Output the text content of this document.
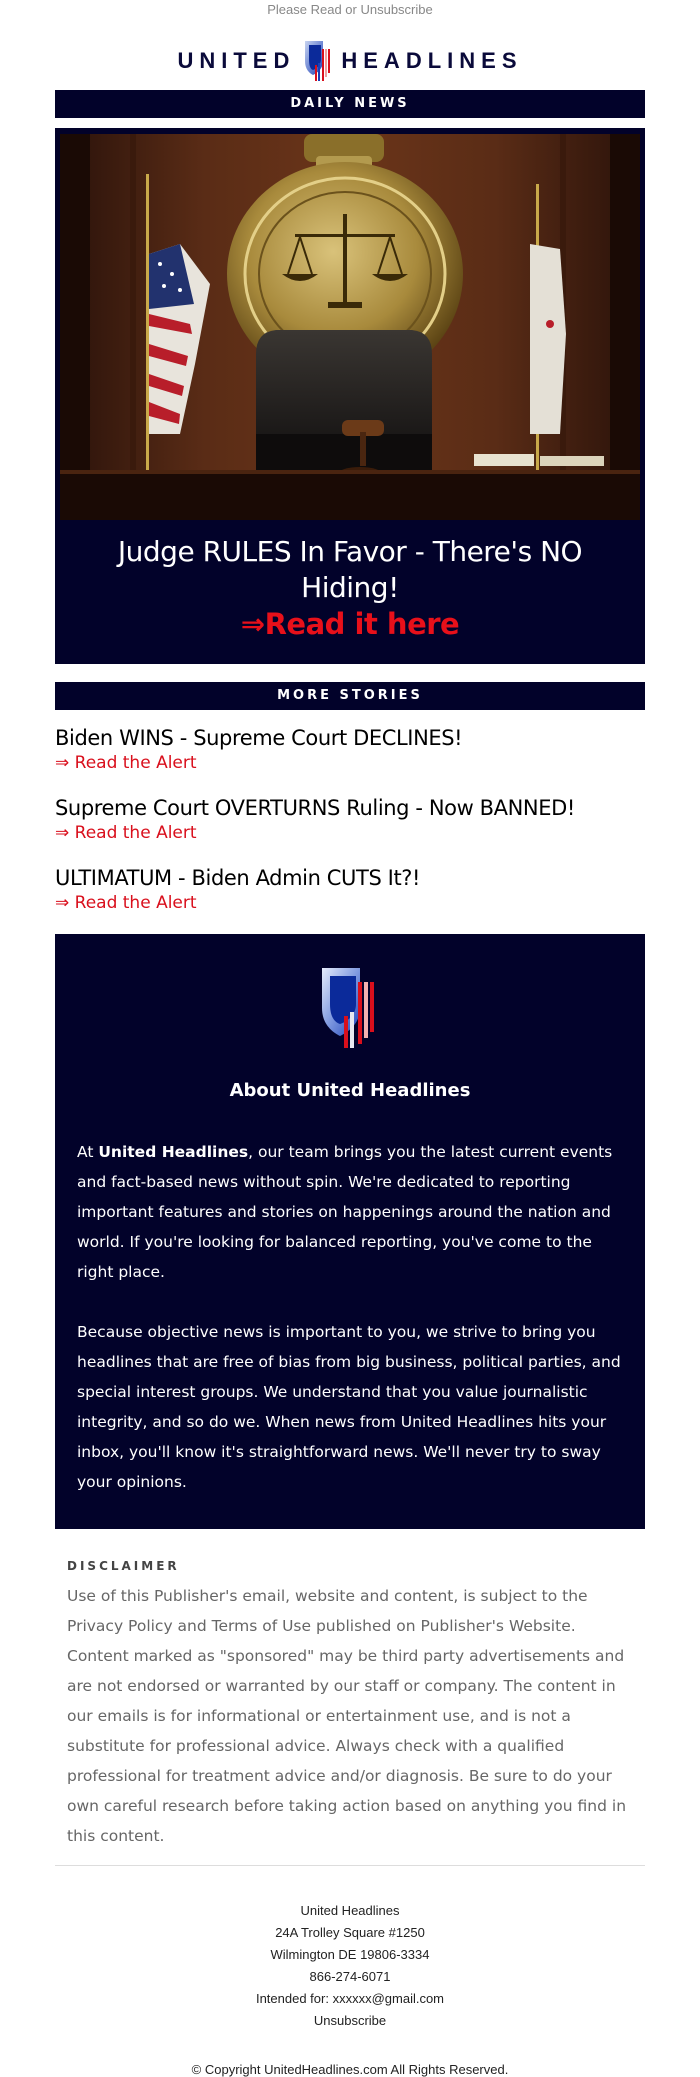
Please Read or Unsubscribe
UNITED HEADLINES
DAILY NEWS
Judge RULES In Favor - There's NO Hiding!
⇒Read it here
MORE STORIES
Biden WINS - Supreme Court DECLINES!
⇒ Read the Alert
Supreme Court OVERTURNS Ruling - Now BANNED!
⇒ Read the Alert
ULTIMATUM - Biden Admin CUTS It?!
⇒ Read the Alert
About United Headlines

At United Headlines, our team brings you the latest current events and fact-based news without spin. We're dedicated to reporting important features and stories on happenings around the nation and world. If you're looking for balanced reporting, you've come to the right place.

Because objective news is important to you, we strive to bring you headlines that are free of bias from big business, political parties, and special interest groups. We understand that you value journalistic integrity, and so do we. When news from United Headlines hits your inbox, you'll know it's straightforward news. We'll never try to sway your opinions.

DISCLAIMER
Use of this Publisher's email, website and content, is subject to the Privacy Policy and Terms of Use published on Publisher's Website. Content marked as "sponsored" may be third party advertisements and are not endorsed or warranted by our staff or company. The content in our emails is for informational or entertainment use, and is not a substitute for professional advice. Always check with a qualified professional for treatment advice and/or diagnosis. Be sure to do your own careful research before taking action based on anything you find in this content.
United Headlines
24A Trolley Square #1250
Wilmington DE 19806-3334
866-274-6071
Intended for: xxxxxx@gmail.com
Unsubscribe
© Copyright UnitedHeadlines.com All Rights Reserved.
